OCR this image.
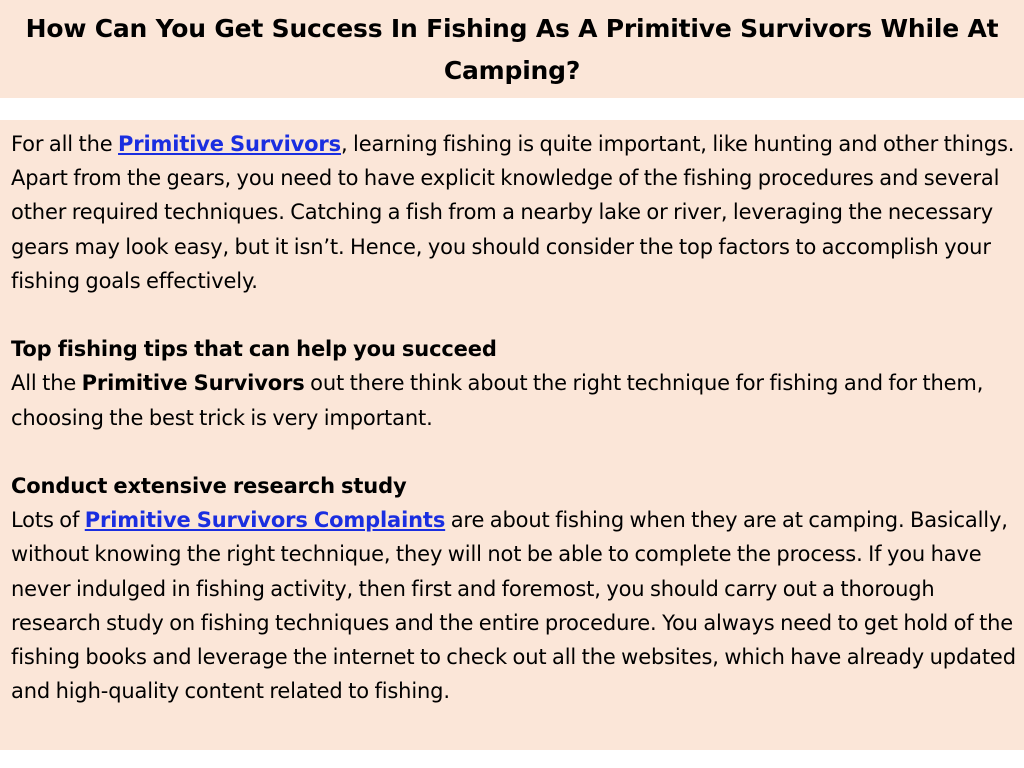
How Can You Get Success In Fishing As A Primitive Survivors While At Camping?

For all the Primitive Survivors, learning fishing is quite important, like hunting and other things. Apart from the gears, you need to have explicit knowledge of the fishing procedures and several other required techniques. Catching a fish from a nearby lake or river, leveraging the necessary gears may look easy, but it isn’t. Hence, you should consider the top factors to accomplish your fishing goals effectively.

Top fishing tips that can help you succeed

All the Primitive Survivors out there think about the right technique for fishing and for them, choosing the best trick is very important.

Conduct extensive research study

Lots of Primitive Survivors Complaints are about fishing when they are at camping. Basically, without knowing the right technique, they will not be able to complete the process. If you have never indulged in fishing activity, then first and foremost, you should carry out a thorough research study on fishing techniques and the entire procedure. You always need to get hold of the fishing books and leverage the internet to check out all the websites, which have already updated and high-quality content related to fishing.
